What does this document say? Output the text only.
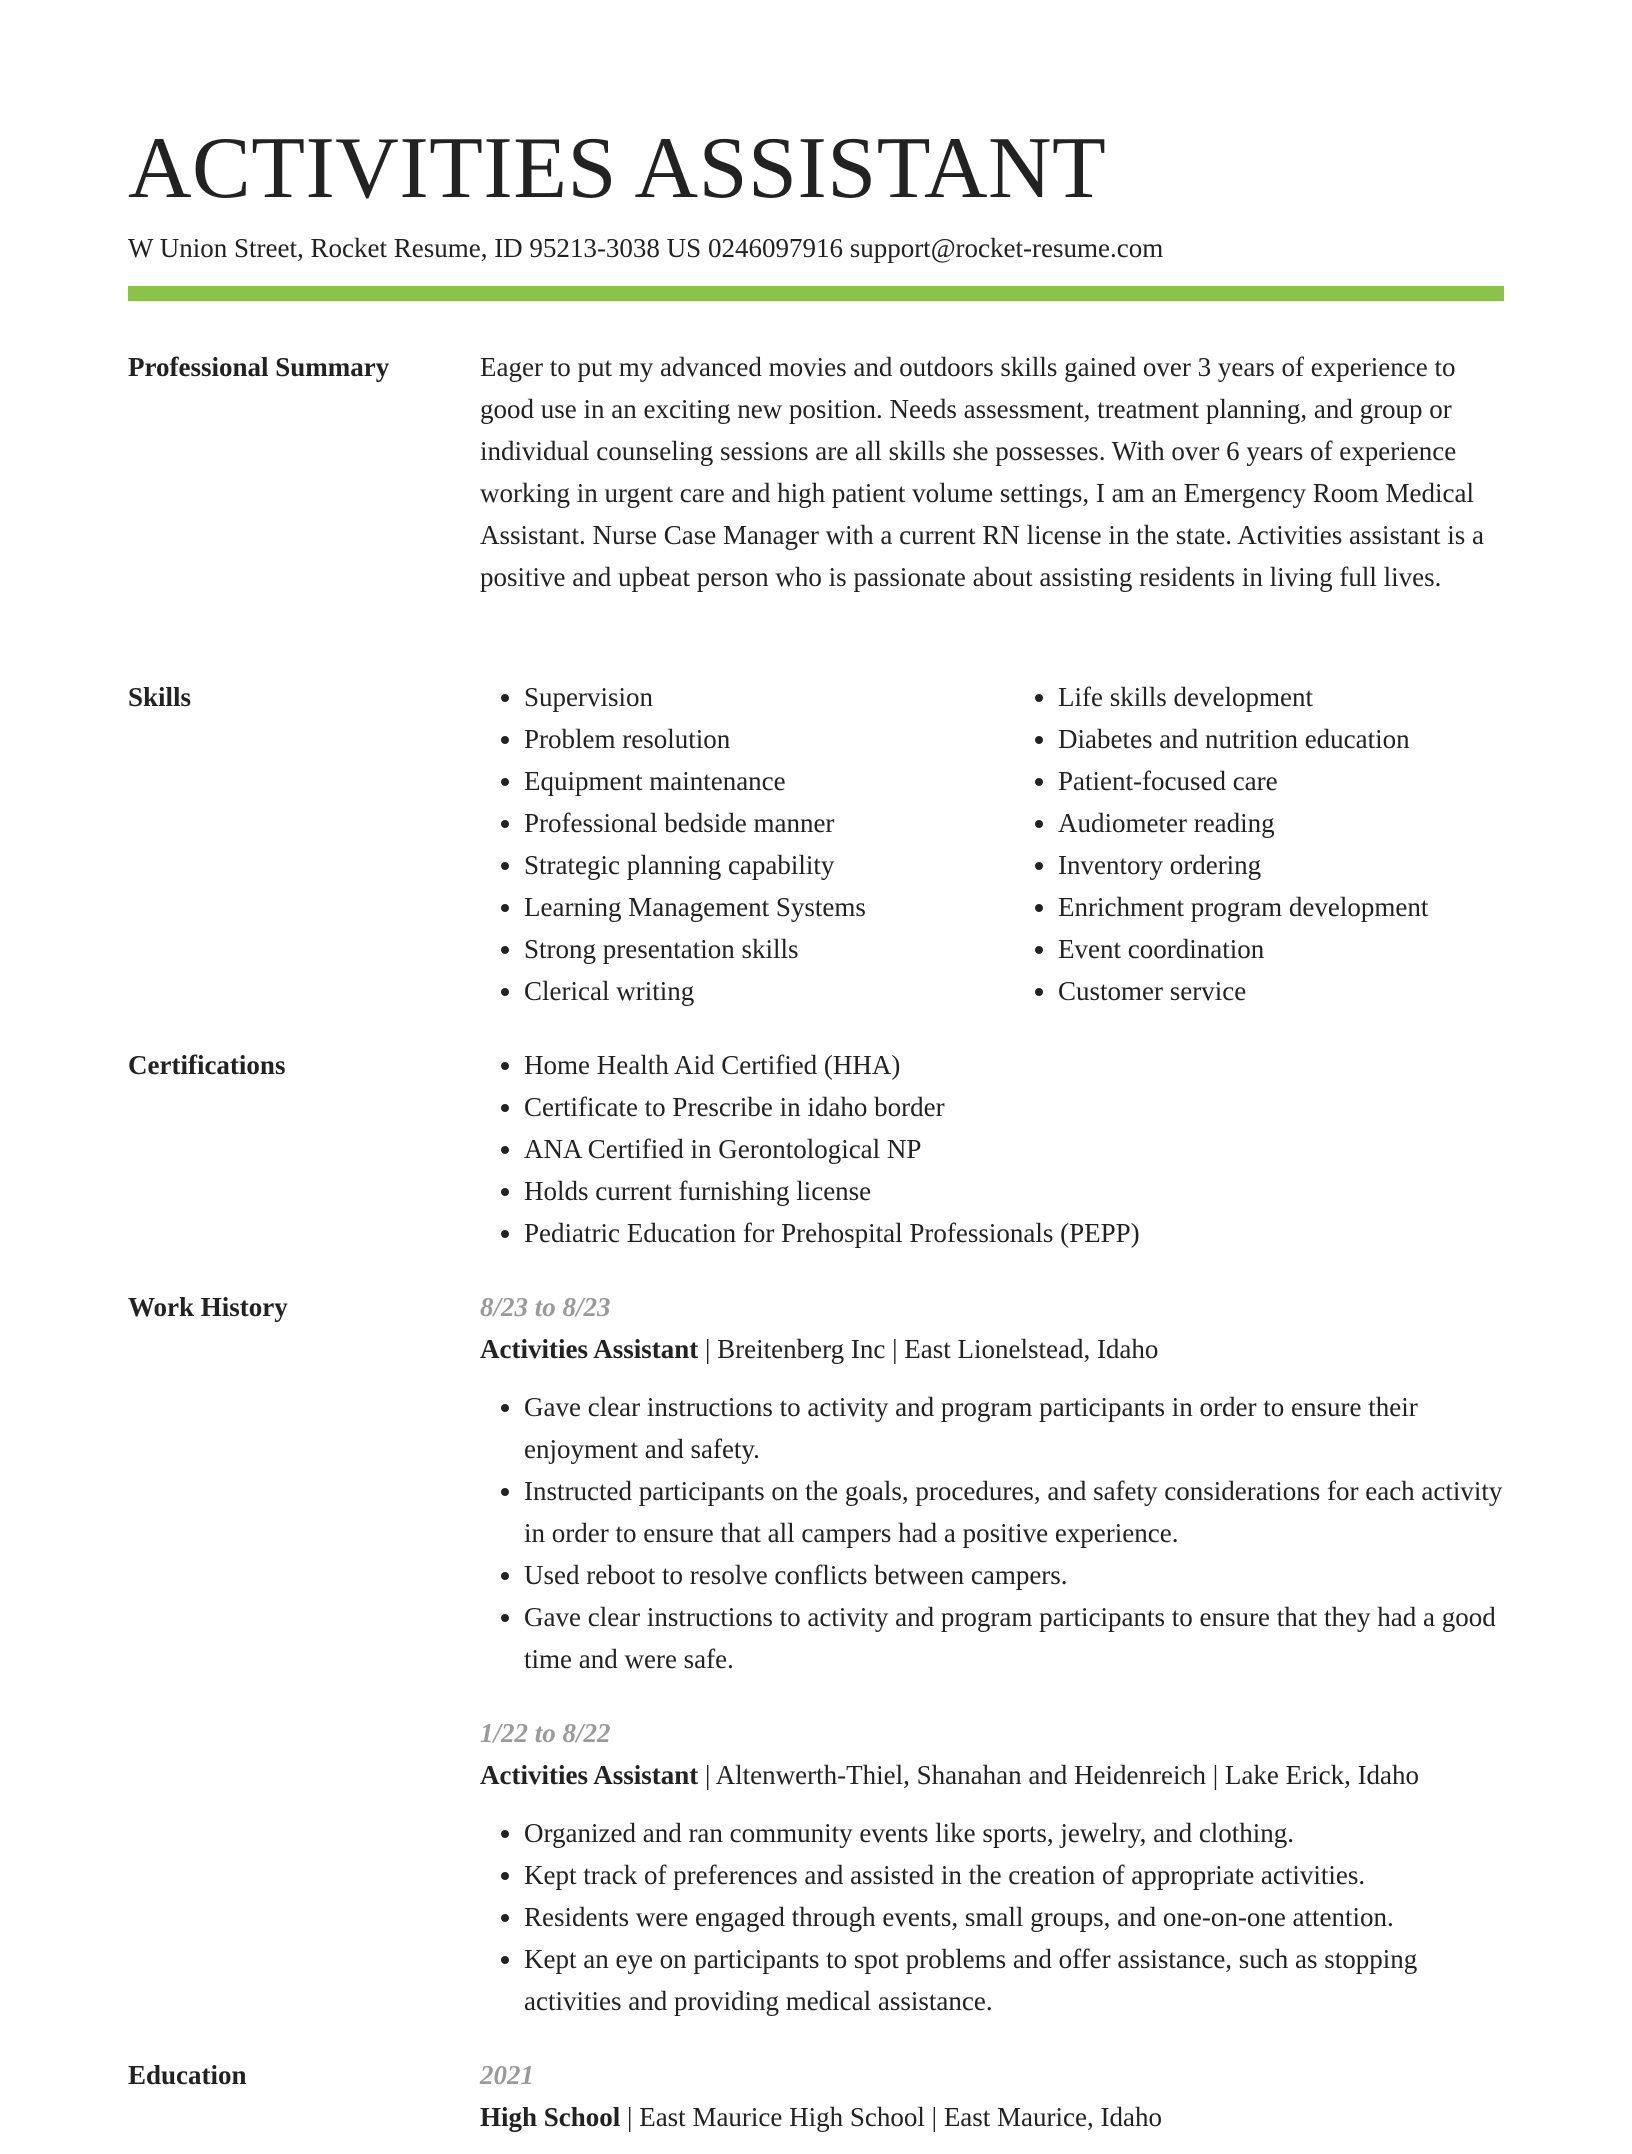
ACTIVITIES ASSISTANT
W Union Street, Rocket Resume, ID 95213-3038 US 0246097916 support@rocket-resume.com
Professional Summary	Eager to put my advanced movies and outdoors skills gained over 3 years of experience to good use in an exciting new position. Needs assessment, treatment planning, and group or individual counseling sessions are all skills she possesses. With over 6 years of experience working in urgent care and high patient volume settings, I am an Emergency Room Medical Assistant. Nurse Case Manager with a current RN license in the state. Activities assistant is a positive and upbeat person who is passionate about assisting residents in living full lives.

Skills	• Supervision
• Problem resolution
• Equipment maintenance
• Professional bedside manner
• Strategic planning capability
• Learning Management Systems
• Strong presentation skills
• Clerical writing
• Life skills development
• Diabetes and nutrition education
• Patient-focused care
• Audiometer reading
• Inventory ordering
• Enrichment program development
• Event coordination
• Customer service
Certifications	• Home Health Aid Certified (HHA)
• Certificate to Prescribe in idaho border
• ANA Certified in Gerontological NP
• Holds current furnishing license
• Pediatric Education for Prehospital Professionals (PEPP)
Work History	8/23 to 8/23

Activities Assistant | Breitenberg Inc | East Lionelstead, Idaho

• Gave clear instructions to activity and program participants in order to ensure their enjoyment and safety.
• Instructed participants on the goals, procedures, and safety considerations for each activity in order to ensure that all campers had a positive experience.
• Used reboot to resolve conflicts between campers.
• Gave clear instructions to activity and program participants to ensure that they had a good time and were safe.

1/22 to 8/22

Activities Assistant | Altenwerth-Thiel, Shanahan and Heidenreich | Lake Erick, Idaho

• Organized and ran community events like sports, jewelry, and clothing.
• Kept track of preferences and assisted in the creation of appropriate activities.
• Residents were engaged through events, small groups, and one-on-one attention.
• Kept an eye on participants to spot problems and offer assistance, such as stopping activities and providing medical assistance.
Education	2021

High School | East Maurice High School | East Maurice, Idaho
